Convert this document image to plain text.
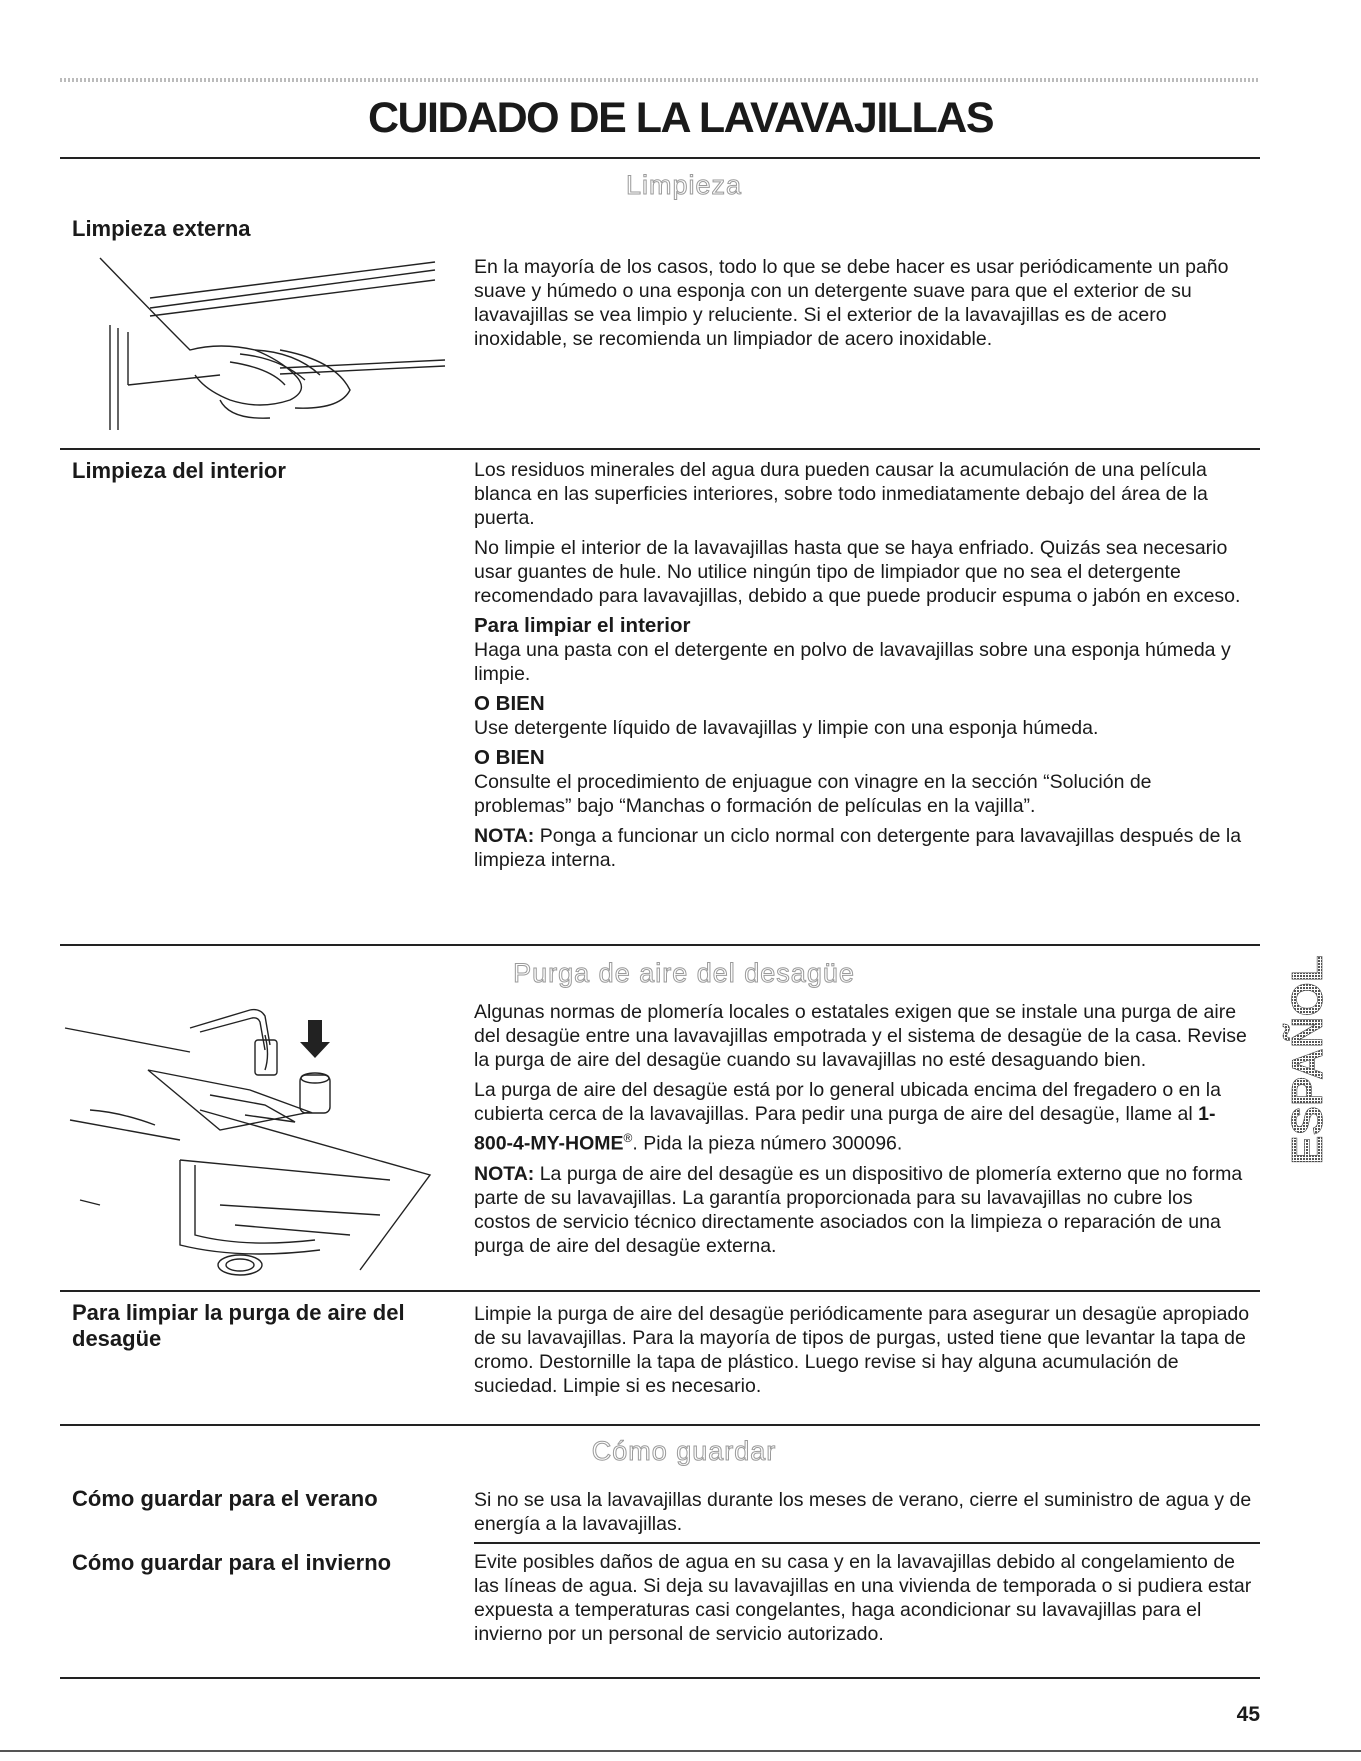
CUIDADO DE LA LAVAVAJILLAS
Limpieza
Limpieza externa

En la mayoría de los casos, todo lo que se debe hacer es usar periódicamente un paño suave y húmedo o una esponja con un detergente suave para que el exterior de su lavavajillas se vea limpio y reluciente. Si el exterior de la lavavajillas es de acero inoxidable, se recomienda un limpiador de acero inoxidable.

Limpieza del interior	Los residuos minerales del agua dura pueden causar la acumulación de una película blanca en las superficies interiores, sobre todo inmediatamente debajo del área de la puerta.

No limpie el interior de la lavavajillas hasta que se haya enfriado. Quizás sea necesario usar guantes de hule. No utilice ningún tipo de limpiador que no sea el detergente recomendado para lavavajillas, debido a que puede producir espuma o jabón en exceso.

Para limpiar el interior

Haga una pasta con el detergente en polvo de lavavajillas sobre una esponja húmeda y limpie.

O BIEN

Use detergente líquido de lavavajillas y limpie con una esponja húmeda.

O BIEN

Consulte el procedimiento de enjuague con vinagre en la sección “Solución de problemas” bajo “Manchas o formación de películas en la vajilla”.

NOTA: Ponga a funcionar un ciclo normal con detergente para lavavajillas después de la limpieza interna.

Purga de aire del desagüe

Algunas normas de plomería locales o estatales exigen que se instale una purga de aire del desagüe entre una lavavajillas empotrada y el sistema de desagüe de la casa. Revise la purga de aire del desagüe cuando su lavavajillas no esté desaguando bien.

La purga de aire del desagüe está por lo general ubicada encima del fregadero o en la cubierta cerca de la lavavajillas. Para pedir una purga de aire del desagüe, llame al 1-800-4-MY-HOME®. Pida la pieza número 300096.

NOTA: La purga de aire del desagüe es un dispositivo de plomería externo que no forma parte de su lavavajillas. La garantía proporcionada para su lavavajillas no cubre los costos de servicio técnico directamente asociados con la limpieza o reparación de una purga de aire del desagüe externa.

Para limpiar la purga de aire del desagüe

Limpie la purga de aire del desagüe periódicamente para asegurar un desagüe apropiado de su lavavajillas. Para la mayoría de tipos de purgas, usted tiene que levantar la tapa de cromo. Destornille la tapa de plástico. Luego revise si hay alguna acumulación de suciedad. Limpie si es necesario.

Cómo guardar
Cómo guardar para el verano	Si no se usa la lavavajillas durante los meses de verano, cierre el suministro de agua y de energía a la lavavajillas.

Cómo guardar para el invierno	Evite posibles daños de agua en su casa y en la lavavajillas debido al congelamiento de las líneas de agua. Si deja su lavavajillas en una vivienda de temporada o si pudiera estar expuesta a temperaturas casi congelantes, haga acondicionar su lavavajillas para el invierno por un personal de servicio autorizado.

ESPAÑOL
45
